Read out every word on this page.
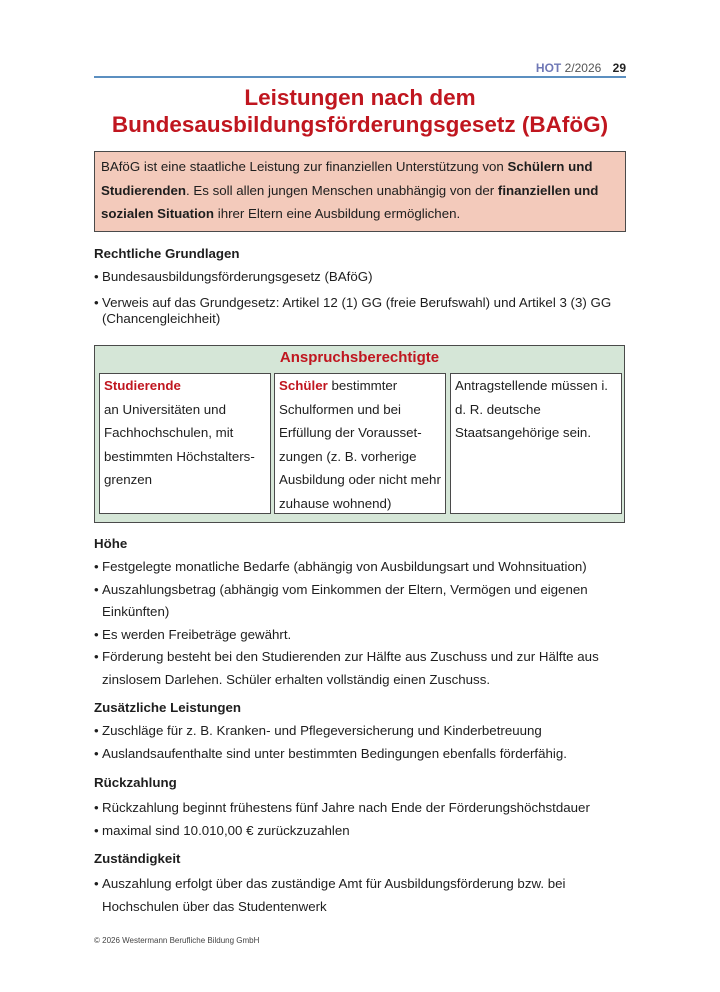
HOT 2/2026 29
Leistungen nach dem
Bundesausbildungsförderungsgesetz (BAföG)
BAföG ist eine staatliche Leistung zur finanziellen Unterstützung von Schülern und Studierenden. Es soll allen jungen Menschen unabhängig von der finanziellen und sozialen Situation ihrer Eltern eine Ausbildung ermöglichen.
Rechtliche Grundlagen
• Bundesausbildungsförderungsgesetz (BAföG)
• Verweis auf das Grundgesetz: Artikel 12 (1) GG (freie Berufswahl) und Artikel 3 (3) GG (Chancengleichheit)
Anspruchsberechtigte
Studierende
an Universitäten und Fachhochschulen, mit bestimmten Höchstalters-grenzen
Schüler bestimmter Schulformen und bei Erfüllung der Vorausset-zungen (z. B. vorherige Ausbildung oder nicht mehr zuhause wohnend)
Antragstellende müssen i. d. R. deutsche Staatsangehörige sein.
Höhe
• Festgelegte monatliche Bedarfe (abhängig von Ausbildungsart und Wohnsituation)
• Auszahlungsbetrag (abhängig vom Einkommen der Eltern, Vermögen und eigenen Einkünften)
• Es werden Freibeträge gewährt.
• Förderung besteht bei den Studierenden zur Hälfte aus Zuschuss und zur Hälfte aus zinslosem Darlehen. Schüler erhalten vollständig einen Zuschuss.
Zusätzliche Leistungen
• Zuschläge für z. B. Kranken- und Pflegeversicherung und Kinderbetreuung
• Auslandsaufenthalte sind unter bestimmten Bedingungen ebenfalls förderfähig.
Rückzahlung
• Rückzahlung beginnt frühestens fünf Jahre nach Ende der Förderungshöchstdauer
• maximal sind 10.010,00 € zurückzuzahlen
Zuständigkeit
• Auszahlung erfolgt über das zuständige Amt für Ausbildungsförderung bzw. bei Hochschulen über das Studentenwerk
© 2026 Westermann Berufliche Bildung GmbH
